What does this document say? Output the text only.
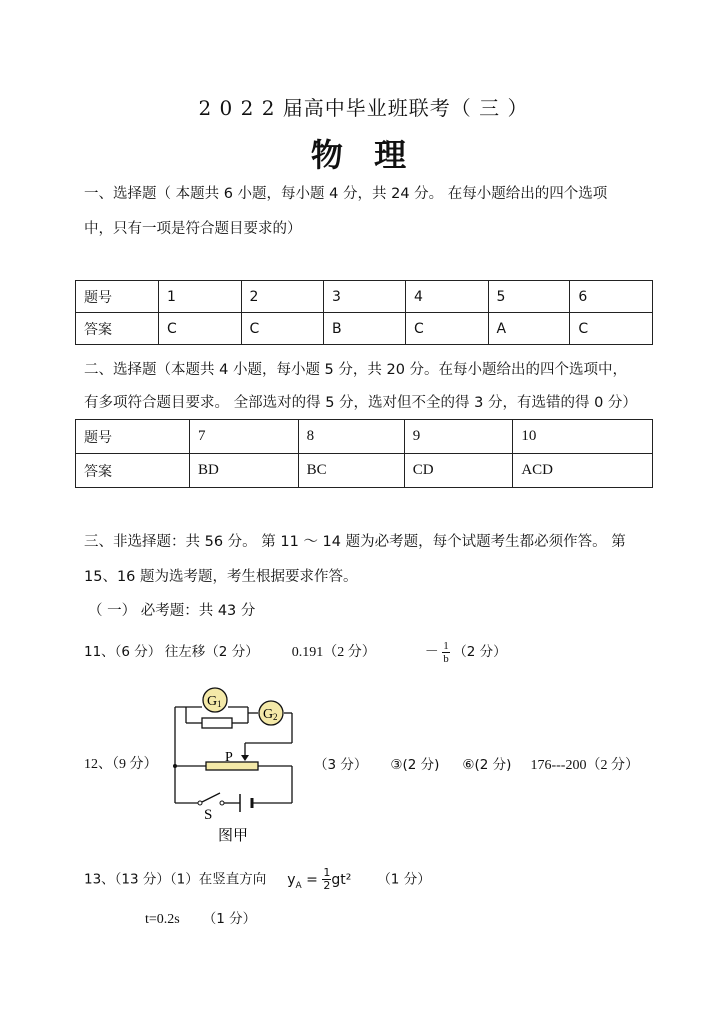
2 0 2 2 届高中毕业班联考（ 三 ）
物 理
一、选择题（ 本题共 6 小题，每小题 4 分，共 24 分。 在每小题给出的四个选项
中，只有一项是符合题目要求的）
题号	1	2	3	4	5	6
答案	C	C	B	C	A	C
二、选择题（本题共 4 小题，每小题 5 分，共 20 分。在每小题给出的四个选项中，
有多项符合题目要求。 全部选对的得 5 分，选对但不全的得 3 分，有选错的得 0 分）
题号	7	8	9	10
答案	BD	BC	CD	ACD
三、非选择题：共 56 分。 第 11 ～ 14 题为必考题，每个试题考生都必须作答。 第
15、16 题为选考题，考生根据要求作答。
（ 一） 必考题：共 43 分
11、（6 分） 往左移（2 分） 0.191（2 分）	－ $\frac{1}{b} (2$ 分）
12、（9 分）
G 1
G 2
P
S
图甲
（3 分） ③(2 分) ⑥(2 分) 176---200（2 分）
13、（13 分）（1）在竖直方向 $y_A = \frac{1}{2} gt^2$ （1 分）
t=0.2s （1 分）
